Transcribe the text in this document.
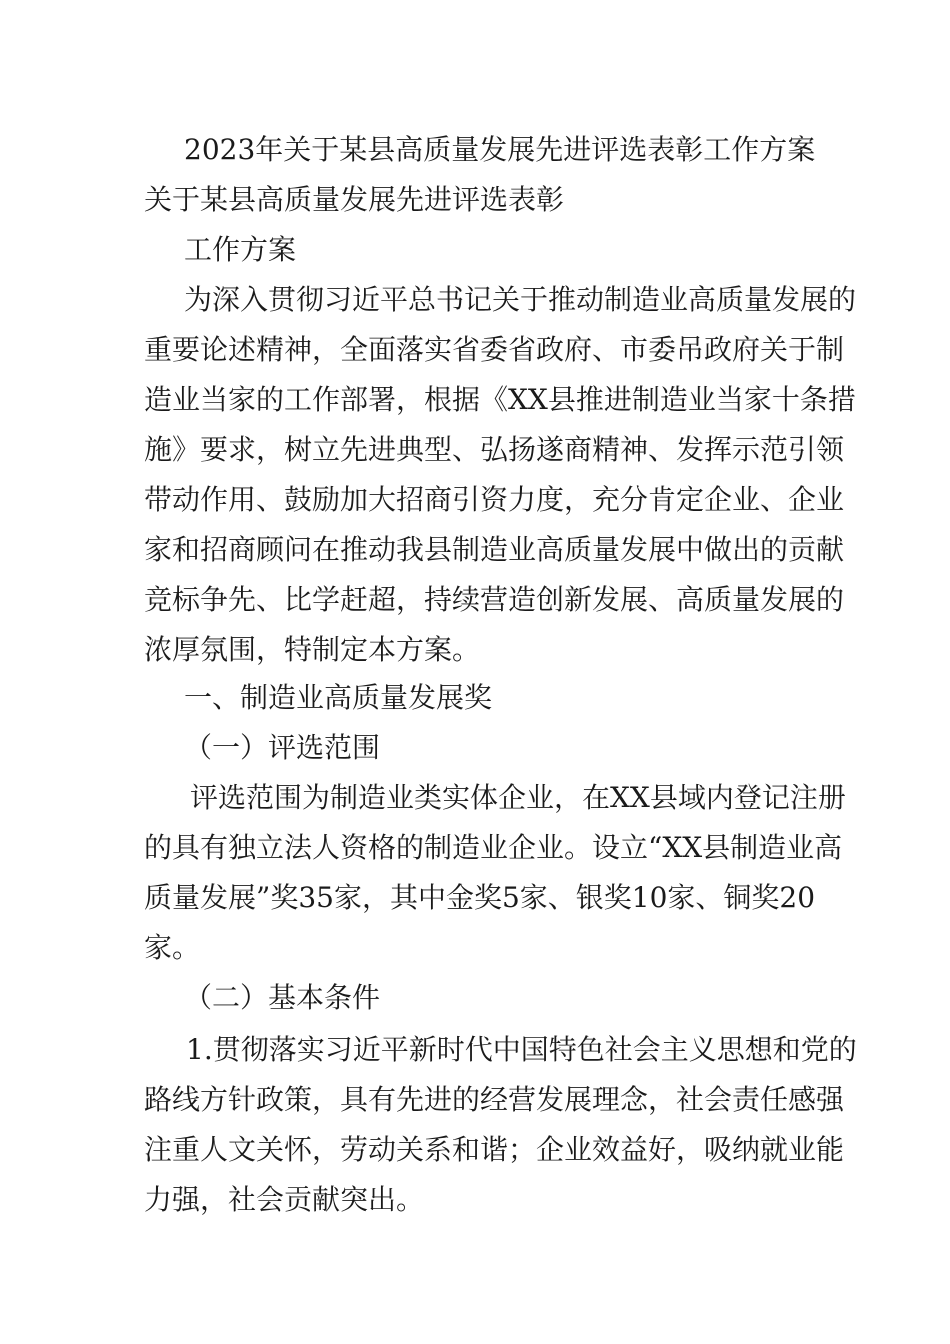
2023年关于某县高质量发展先进评选表彰工作方案
关于某县高质量发展先进评选表彰
工作方案
为深入贯彻习近平总书记关于推动制造业高质量发展的
重要论述精神，全面落实省委省政府、市委吊政府关于制
造业当家的工作部署，根据《XX县推进制造业当家十条措
施》要求，树立先进典型、弘扬遂商精神、发挥示范引领
带动作用、鼓励加大招商引资力度，充分肯定企业、企业
家和招商顾问在推动我县制造业高质量发展中做出的贡献
竞标争先、比学赶超，持续营造创新发展、高质量发展的
浓厚氛围，特制定本方案。
一、制造业高质量发展奖
（一）评选范围
评选范围为制造业类实体企业，在XX县域内登记注册
的具有独立法人资格的制造业企业。设立“XX县制造业高
质量发展”奖35家，其中金奖5家、银奖10家、铜奖20
家。
（二）基本条件
1.贯彻落实习近平新时代中国特色社会主义思想和党的
路线方针政策，具有先进的经营发展理念，社会责任感强
注重人文关怀，劳动关系和谐；企业效益好，吸纳就业能
力强，社会贡献突出。
